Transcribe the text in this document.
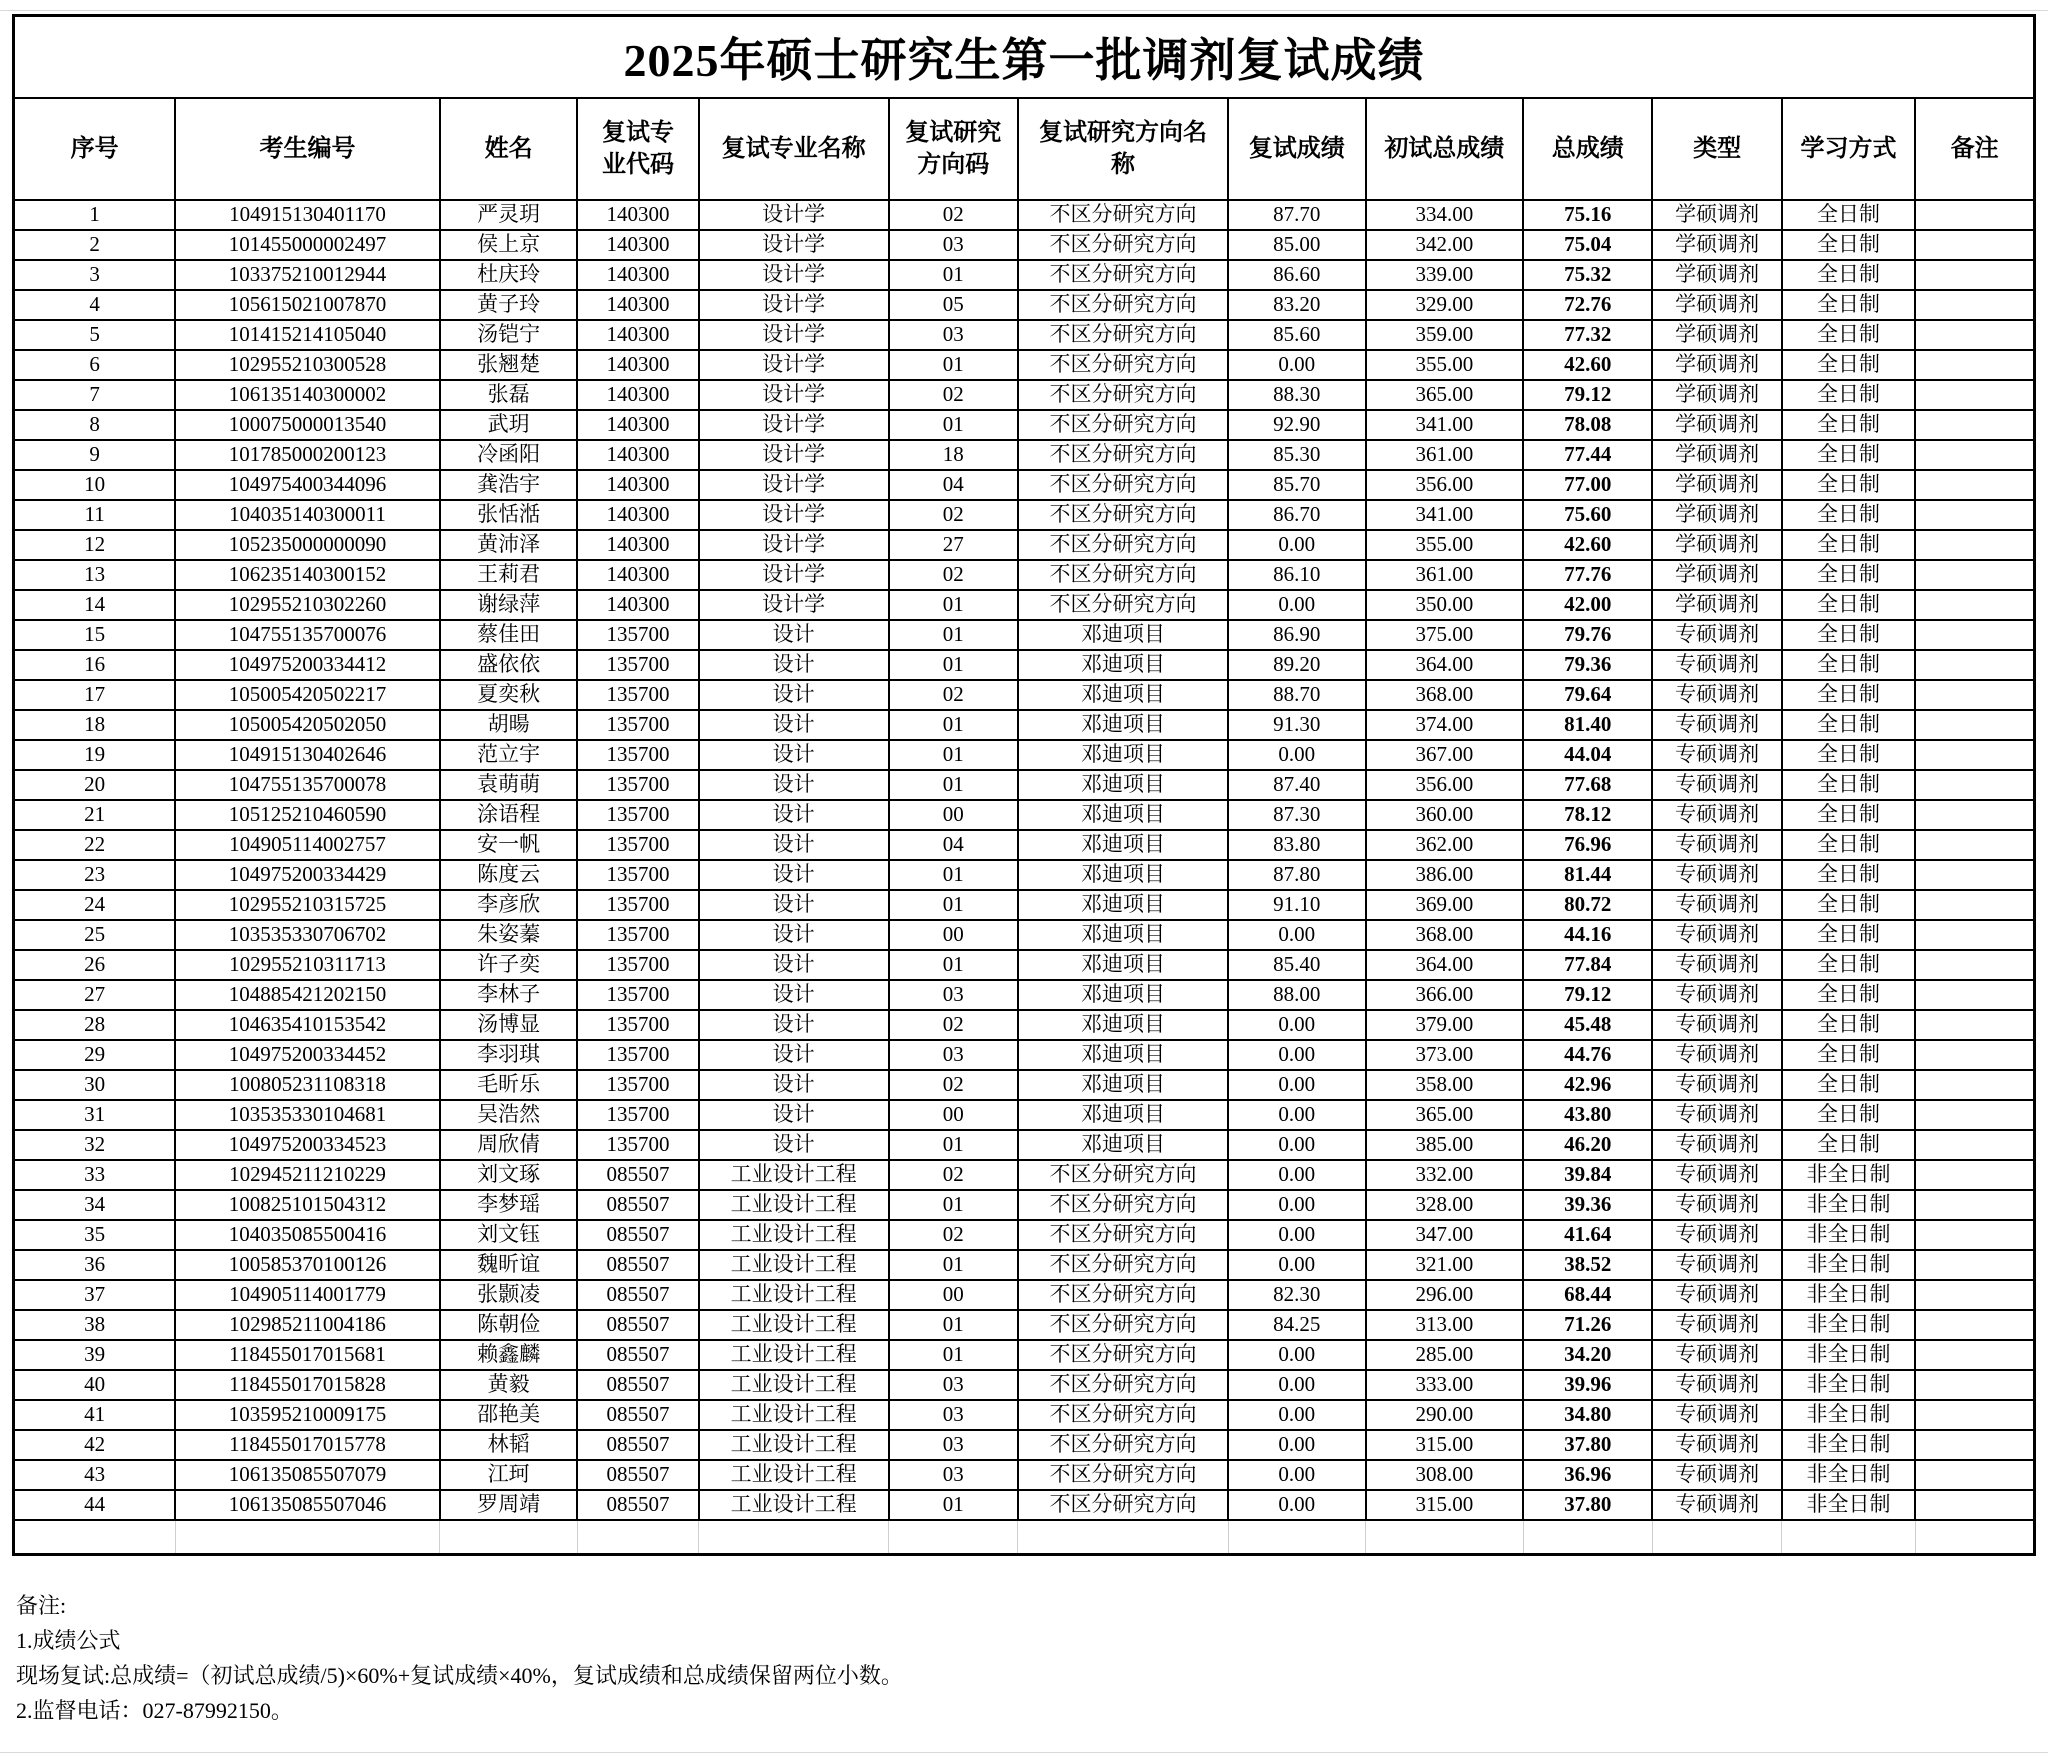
2025年硕士研究生第一批调剂复试成绩												
序号	考生编号	姓名	复试专业代码	复试专业名称	复试研究方向码	复试研究方向名称	复试成绩	初试总成绩	总成绩	类型	学习方式	备注
1	104915130401170	严灵玥	140300	设计学	02	不区分研究方向	87.70	334.00	75.16	学硕调剂	全日制	
2	101455000002497	侯上京	140300	设计学	03	不区分研究方向	85.00	342.00	75.04	学硕调剂	全日制	
3	103375210012944	杜庆玲	140300	设计学	01	不区分研究方向	86.60	339.00	75.32	学硕调剂	全日制	
4	105615021007870	黄子玲	140300	设计学	05	不区分研究方向	83.20	329.00	72.76	学硕调剂	全日制	
5	101415214105040	汤铠宁	140300	设计学	03	不区分研究方向	85.60	359.00	77.32	学硕调剂	全日制	
6	102955210300528	张翘楚	140300	设计学	01	不区分研究方向	0.00	355.00	42.60	学硕调剂	全日制	
7	106135140300002	张磊	140300	设计学	02	不区分研究方向	88.30	365.00	79.12	学硕调剂	全日制	
8	100075000013540	武玥	140300	设计学	01	不区分研究方向	92.90	341.00	78.08	学硕调剂	全日制	
9	101785000200123	冷函阳	140300	设计学	18	不区分研究方向	85.30	361.00	77.44	学硕调剂	全日制	
10	104975400344096	龚浩宇	140300	设计学	04	不区分研究方向	85.70	356.00	77.00	学硕调剂	全日制	
11	104035140300011	张恬湉	140300	设计学	02	不区分研究方向	86.70	341.00	75.60	学硕调剂	全日制	
12	105235000000090	黄沛泽	140300	设计学	27	不区分研究方向	0.00	355.00	42.60	学硕调剂	全日制	
13	106235140300152	王莉君	140300	设计学	02	不区分研究方向	86.10	361.00	77.76	学硕调剂	全日制	
14	102955210302260	谢绿萍	140300	设计学	01	不区分研究方向	0.00	350.00	42.00	学硕调剂	全日制	
15	104755135700076	蔡佳田	135700	设计	01	邓迪项目	86.90	375.00	79.76	专硕调剂	全日制	
16	104975200334412	盛依依	135700	设计	01	邓迪项目	89.20	364.00	79.36	专硕调剂	全日制	
17	105005420502217	夏奕秋	135700	设计	02	邓迪项目	88.70	368.00	79.64	专硕调剂	全日制	
18	105005420502050	胡暘	135700	设计	01	邓迪项目	91.30	374.00	81.40	专硕调剂	全日制	
19	104915130402646	范立宇	135700	设计	01	邓迪项目	0.00	367.00	44.04	专硕调剂	全日制	
20	104755135700078	袁萌萌	135700	设计	01	邓迪项目	87.40	356.00	77.68	专硕调剂	全日制	
21	105125210460590	涂语程	135700	设计	00	邓迪项目	87.30	360.00	78.12	专硕调剂	全日制	
22	104905114002757	安一帆	135700	设计	04	邓迪项目	83.80	362.00	76.96	专硕调剂	全日制	
23	104975200334429	陈度云	135700	设计	01	邓迪项目	87.80	386.00	81.44	专硕调剂	全日制	
24	102955210315725	李彦欣	135700	设计	01	邓迪项目	91.10	369.00	80.72	专硕调剂	全日制	
25	103535330706702	朱姿蓁	135700	设计	00	邓迪项目	0.00	368.00	44.16	专硕调剂	全日制	
26	102955210311713	许子奕	135700	设计	01	邓迪项目	85.40	364.00	77.84	专硕调剂	全日制	
27	104885421202150	李林子	135700	设计	03	邓迪项目	88.00	366.00	79.12	专硕调剂	全日制	
28	104635410153542	汤博显	135700	设计	02	邓迪项目	0.00	379.00	45.48	专硕调剂	全日制	
29	104975200334452	李羽琪	135700	设计	03	邓迪项目	0.00	373.00	44.76	专硕调剂	全日制	
30	100805231108318	毛昕乐	135700	设计	02	邓迪项目	0.00	358.00	42.96	专硕调剂	全日制	
31	103535330104681	吴浩然	135700	设计	00	邓迪项目	0.00	365.00	43.80	专硕调剂	全日制	
32	104975200334523	周欣倩	135700	设计	01	邓迪项目	0.00	385.00	46.20	专硕调剂	全日制	
33	102945211210229	刘文琢	085507	工业设计工程	02	不区分研究方向	0.00	332.00	39.84	专硕调剂	非全日制	
34	100825101504312	李梦瑶	085507	工业设计工程	01	不区分研究方向	0.00	328.00	39.36	专硕调剂	非全日制	
35	104035085500416	刘文钰	085507	工业设计工程	02	不区分研究方向	0.00	347.00	41.64	专硕调剂	非全日制	
36	100585370100126	魏昕谊	085507	工业设计工程	01	不区分研究方向	0.00	321.00	38.52	专硕调剂	非全日制	
37	104905114001779	张颢凌	085507	工业设计工程	00	不区分研究方向	82.30	296.00	68.44	专硕调剂	非全日制	
38	102985211004186	陈朝俭	085507	工业设计工程	01	不区分研究方向	84.25	313.00	71.26	专硕调剂	非全日制	
39	118455017015681	赖鑫麟	085507	工业设计工程	01	不区分研究方向	0.00	285.00	34.20	专硕调剂	非全日制	
40	118455017015828	黄毅	085507	工业设计工程	03	不区分研究方向	0.00	333.00	39.96	专硕调剂	非全日制	
41	103595210009175	邵艳美	085507	工业设计工程	03	不区分研究方向	0.00	290.00	34.80	专硕调剂	非全日制	
42	118455017015778	林韬	085507	工业设计工程	03	不区分研究方向	0.00	315.00	37.80	专硕调剂	非全日制	
43	106135085507079	江珂	085507	工业设计工程	03	不区分研究方向	0.00	308.00	36.96	专硕调剂	非全日制	
44	106135085507046	罗周靖	085507	工业设计工程	01	不区分研究方向	0.00	315.00	37.80	专硕调剂	非全日制	

备注:
1.成绩公式
现场复试:总成绩=（初试总成绩/5)×60%+复试成绩×40%，复试成绩和总成绩保留两位小数。
2.监督电话：027-87992150。
